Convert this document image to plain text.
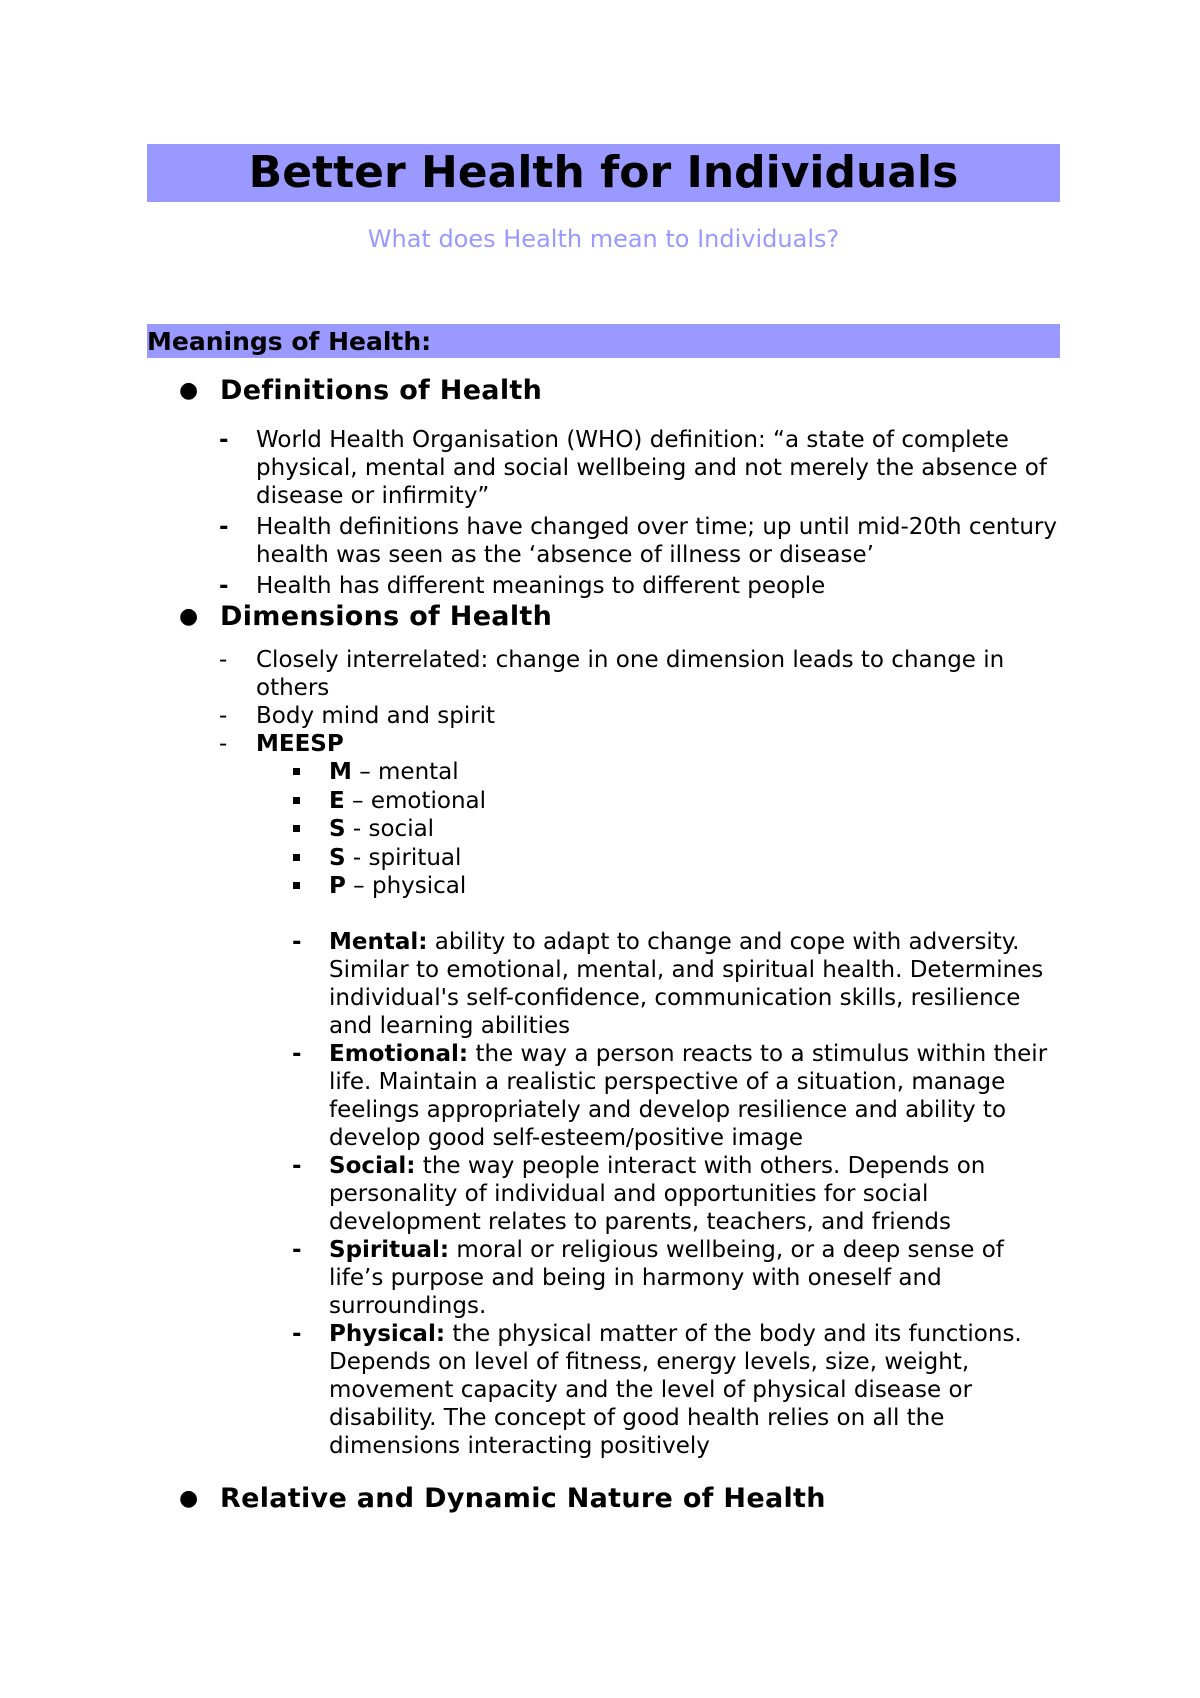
Better Health for Individuals
What does Health mean to Individuals?
Meanings of Health:
● Definitions of Health
- World Health Organisation (WHO) definition: “a state of complete physical, mental and social wellbeing and not merely the absence of disease or infirmity”
- Health definitions have changed over time; up until mid-20th century health was seen as the ‘absence of illness or disease’
- Health has different meanings to different people
● Dimensions of Health
- Closely interrelated: change in one dimension leads to change in others
- Body mind and spirit
- MEESP
M – mental
E – emotional
S - social
S - spiritual
P – physical
- Mental: ability to adapt to change and cope with adversity. Similar to emotional, mental, and spiritual health. Determines individual's self-confidence, communication skills, resilience and learning abilities
- Emotional: the way a person reacts to a stimulus within their life. Maintain a realistic perspective of a situation, manage feelings appropriately and develop resilience and ability to develop good self-esteem/positive image
- Social: the way people interact with others. Depends on personality of individual and opportunities for social development relates to parents, teachers, and friends
- Spiritual: moral or religious wellbeing, or a deep sense of life’s purpose and being in harmony with oneself and surroundings.
- Physical: the physical matter of the body and its functions. Depends on level of fitness, energy levels, size, weight, movement capacity and the level of physical disease or disability. The concept of good health relies on all the dimensions interacting positively
● Relative and Dynamic Nature of Health
